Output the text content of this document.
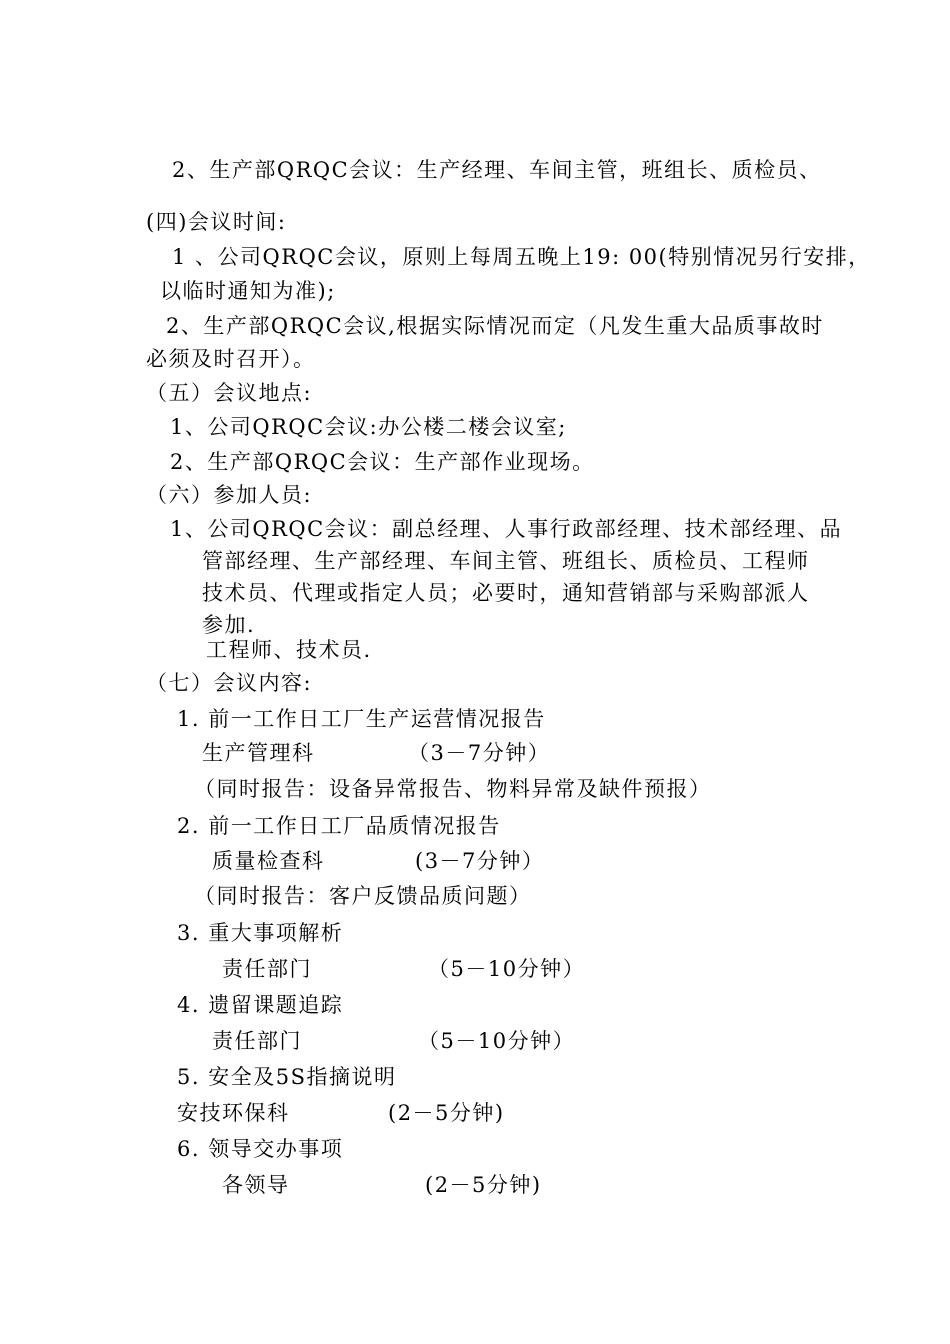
2、生产部QRQC会议：生产经理、车间主管，班组长、质检员、
(四)会议时间:
1 、公司QRQC会议，原则上每周五晚上19: 00(特别情况另行安排，
以临时通知为准);
2、生产部QRQC会议,根据实际情况而定（凡发生重大品质事故时
必须及时召开）。
（五）会议地点:
1、公司QRQC会议:办公楼二楼会议室;
2、生产部QRQC会议：生产部作业现场。
（六）参加人员:
1、公司QRQC会议：副总经理、人事行政部经理、技术部经理、品
管部经理、生产部经理、车间主管、班组长、质检员、工程师
技术员、代理或指定人员；必要时，通知营销部与采购部派人
参加.
工程师、技术员.
（七）会议内容:
1. 前一工作日工厂生产运营情况报告
生产管理科	（3－7分钟）
（同时报告：设备异常报告、物料异常及缺件预报）
2. 前一工作日工厂品质情况报告
质量检查科	(3－7分钟）
（同时报告：客户反馈品质问题）
3. 重大事项解析
责任部门	（5－10分钟）
4. 遗留课题追踪
责任部门	（5－10分钟）
5. 安全及5S指摘说明
安技环保科	(2－5分钟)
6. 领导交办事项
各领导	(2－5分钟)
